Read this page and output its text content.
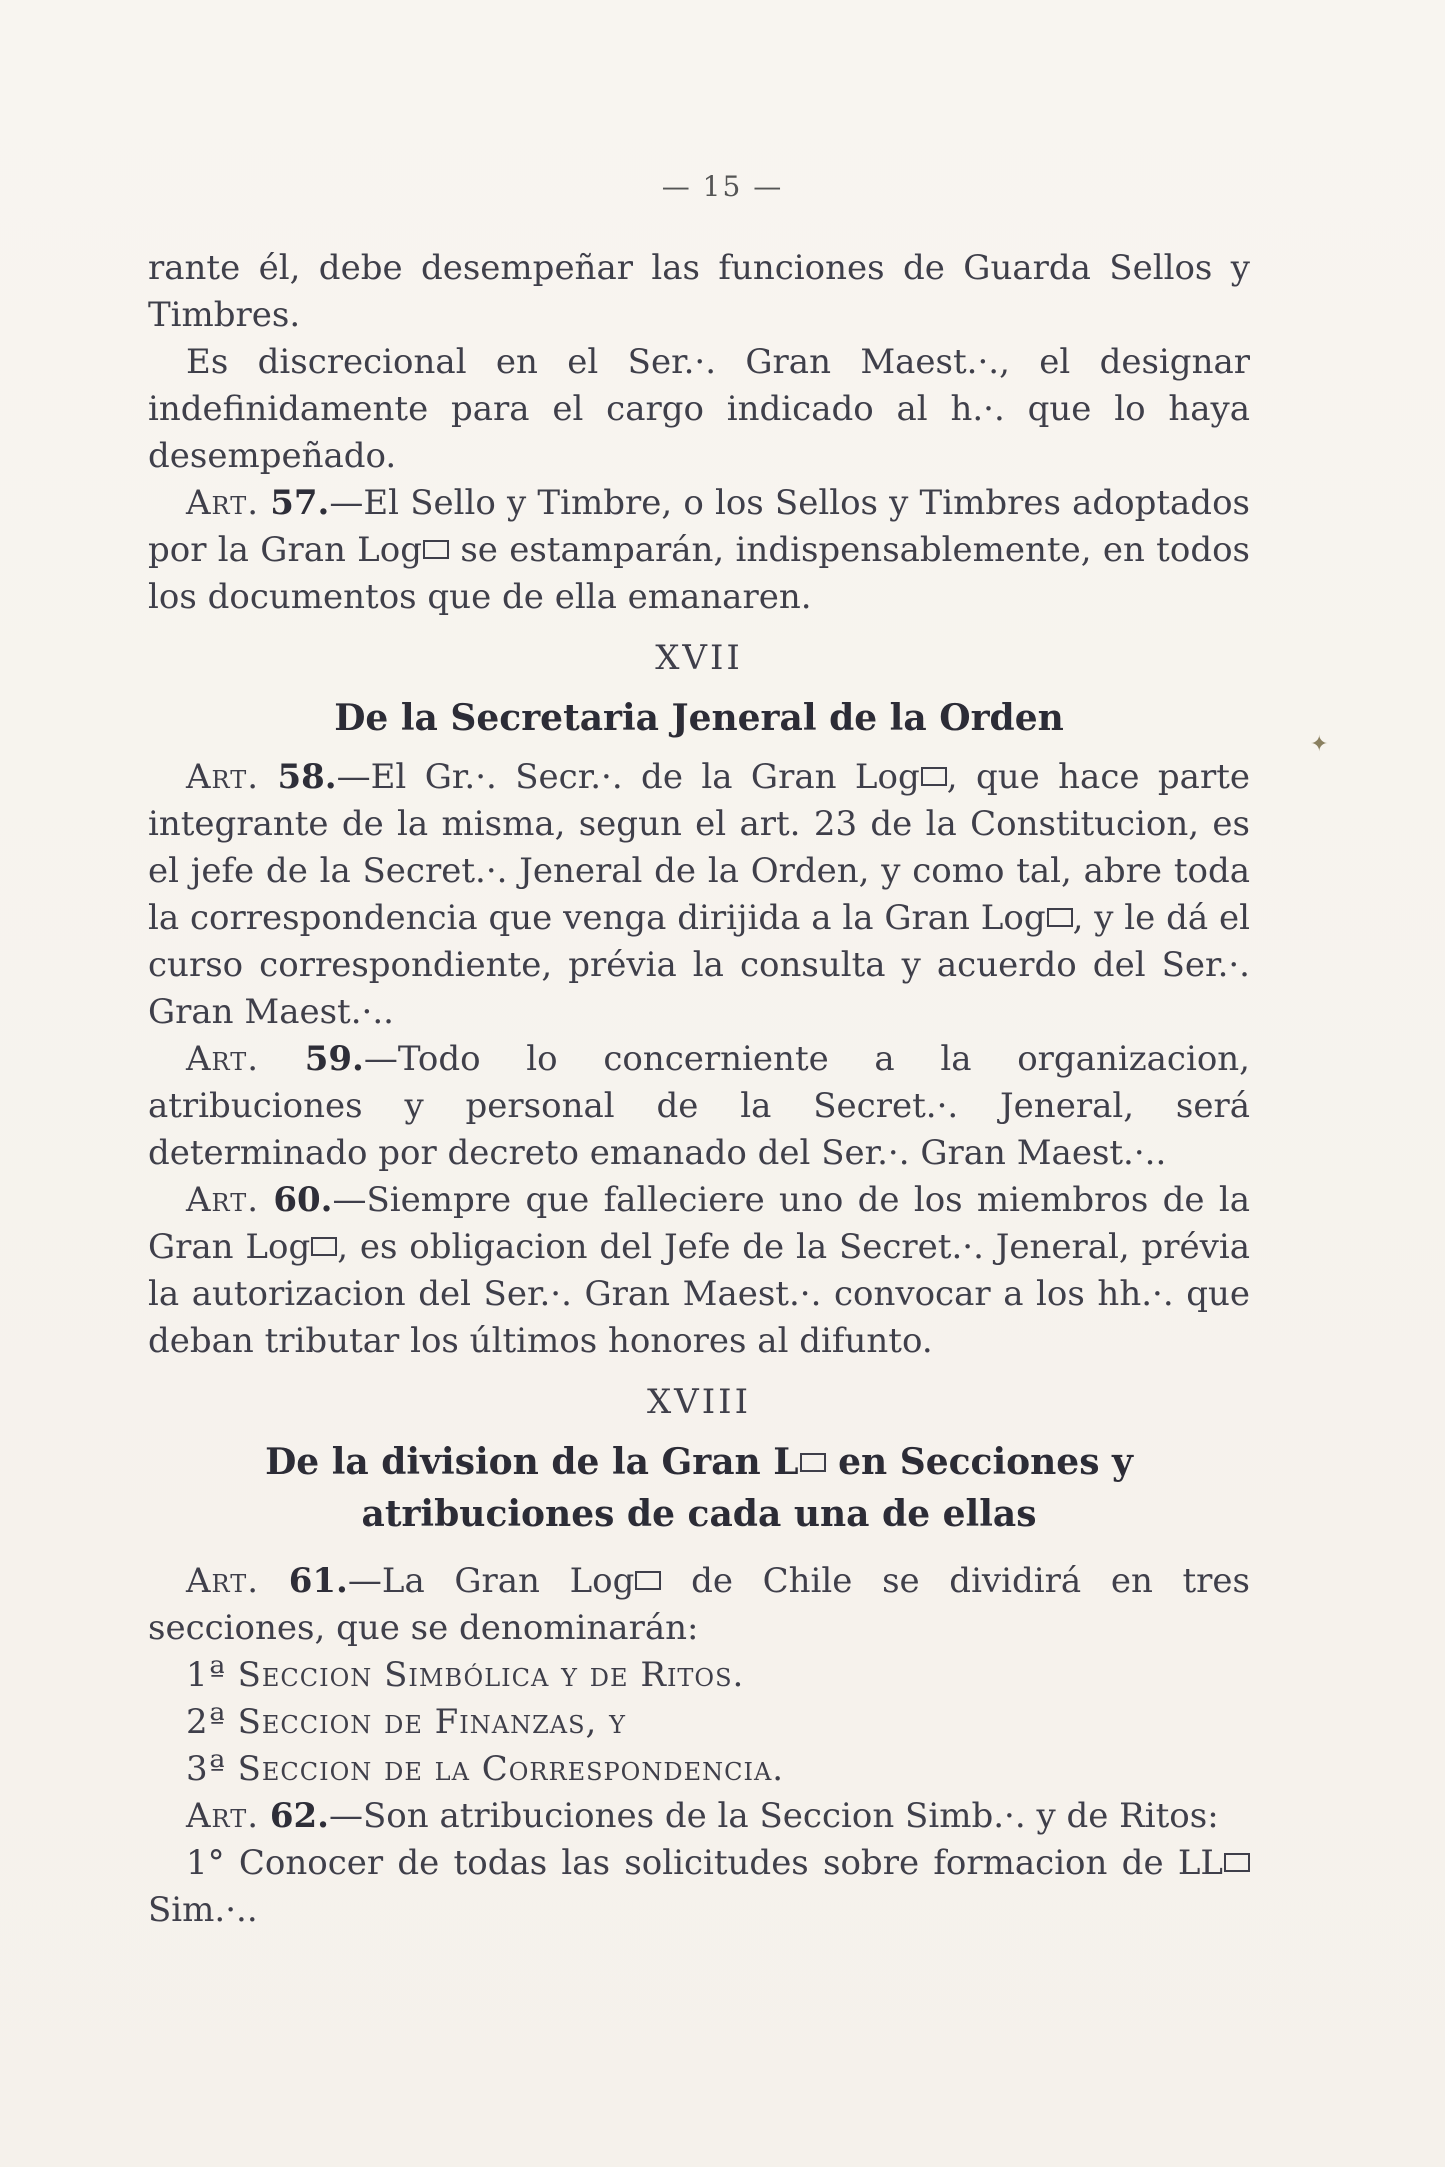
— 15 —
✦

rante él, debe desempeñar las funciones de Guarda Sellos y Timbres.

Es discrecional en el Ser.·. Gran Maest.·., el designar indefinidamente para el cargo indicado al h.·. que lo haya desempeñado.

Art. 57.—El Sello y Timbre, o los Sellos y Timbres adoptados por la Gran Log se estamparán, indispensablemente, en todos los documentos que de ella emanaren.

XVII
De la Secretaria Jeneral de la Orden

Art. 58.—El Gr.·. Secr.·. de la Gran Log , que hace parte integrante de la misma, segun el art. 23 de la Constitucion, es el jefe de la Secret.·. Jeneral de la Orden, y como tal, abre toda la correspondencia que venga dirijida a la Gran Log , y le dá el curso correspondiente, prévia la consulta y acuerdo del Ser.·. Gran Maest.·..

Art. 59.—Todo lo concerniente a la organizacion, atribuciones y personal de la Secret.·. Jeneral, será determinado por decreto emanado del Ser.·. Gran Maest.·..

Art. 60.—Siempre que falleciere uno de los miembros de la Gran Log , es obligacion del Jefe de la Secret.·. Jeneral, prévia la autorizacion del Ser.·. Gran Maest.·. convocar a los hh.·. que deban tributar los últimos honores al difunto.

XVIII
De la division de la Gran L en Secciones y
atribuciones de cada una de ellas

Art. 61.—La Gran Log de Chile se dividirá en tres secciones, que se denominarán:

1ª Seccion Simbólica y de Ritos.

2ª Seccion de Finanzas, y

3ª Seccion de la Correspondencia.

Art. 62.—Son atribuciones de la Seccion Simb.·. y de Ritos:

1° Conocer de todas las solicitudes sobre formacion de LL Sim.·..
